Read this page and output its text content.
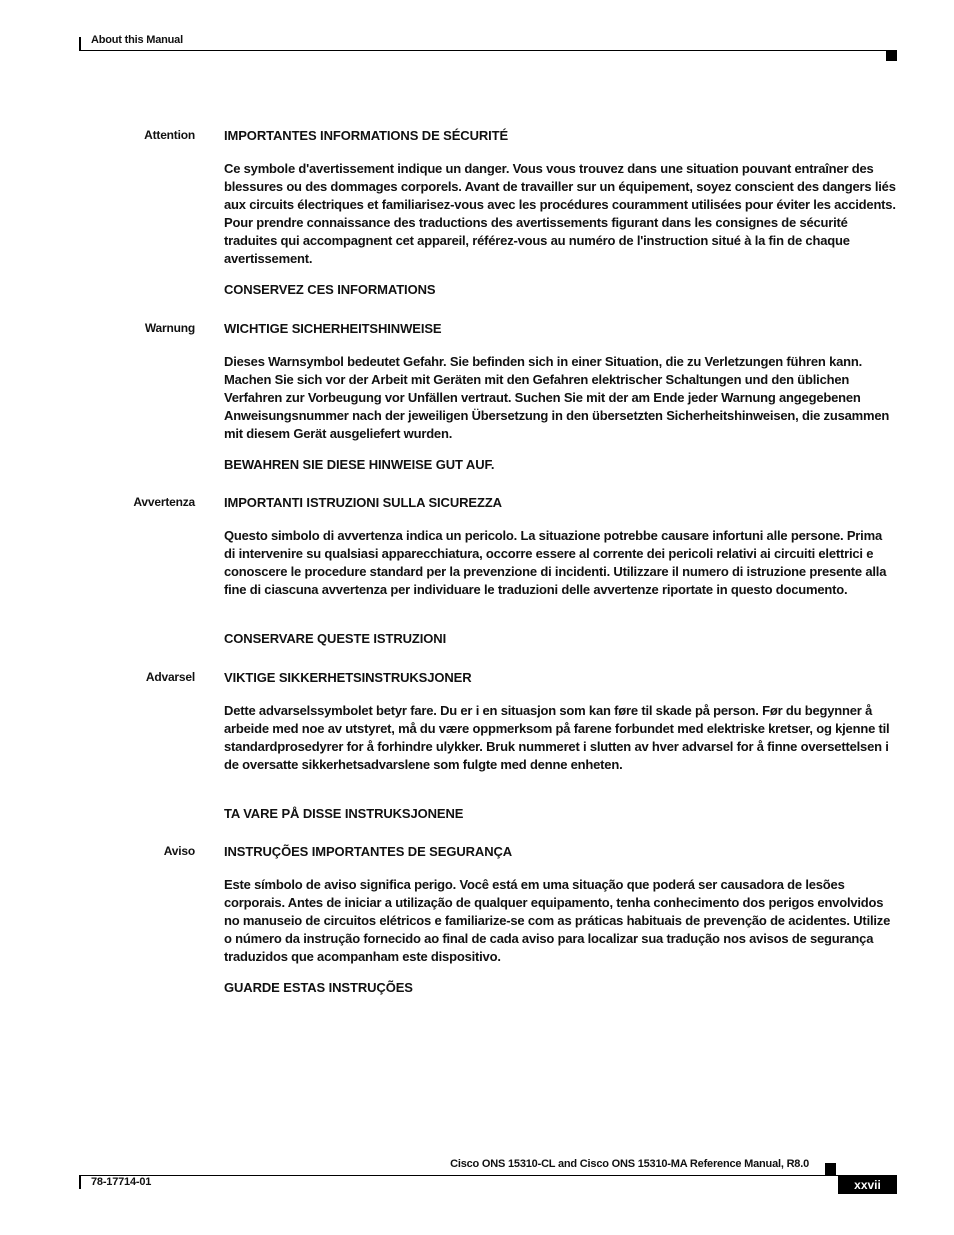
About this Manual
Attention IMPORTANTES INFORMATIONS DE SÉCURITÉ
Ce symbole d'avertissement indique un danger. Vous vous trouvez dans une situation pouvant entraîner des blessures ou des dommages corporels. Avant de travailler sur un équipement, soyez conscient des dangers liés aux circuits électriques et familiarisez-vous avec les procédures couramment utilisées pour éviter les accidents. Pour prendre connaissance des traductions des avertissements figurant dans les consignes de sécurité traduites qui accompagnent cet appareil, référez-vous au numéro de l'instruction situé à la fin de chaque avertissement.
CONSERVEZ CES INFORMATIONS
Warnung WICHTIGE SICHERHEITSHINWEISE
Dieses Warnsymbol bedeutet Gefahr. Sie befinden sich in einer Situation, die zu Verletzungen führen kann. Machen Sie sich vor der Arbeit mit Geräten mit den Gefahren elektrischer Schaltungen und den üblichen Verfahren zur Vorbeugung vor Unfällen vertraut. Suchen Sie mit der am Ende jeder Warnung angegebenen Anweisungsnummer nach der jeweiligen Übersetzung in den übersetzten Sicherheitshinweisen, die zusammen mit diesem Gerät ausgeliefert wurden.
BEWAHREN SIE DIESE HINWEISE GUT AUF.
Avvertenza IMPORTANTI ISTRUZIONI SULLA SICUREZZA
Questo simbolo di avvertenza indica un pericolo. La situazione potrebbe causare infortuni alle persone. Prima di intervenire su qualsiasi apparecchiatura, occorre essere al corrente dei pericoli relativi ai circuiti elettrici e conoscere le procedure standard per la prevenzione di incidenti. Utilizzare il numero di istruzione presente alla fine di ciascuna avvertenza per individuare le traduzioni delle avvertenze riportate in questo documento.
CONSERVARE QUESTE ISTRUZIONI
Advarsel VIKTIGE SIKKERHETSINSTRUKSJONER
Dette advarselssymbolet betyr fare. Du er i en situasjon som kan føre til skade på person. Før du begynner å arbeide med noe av utstyret, må du være oppmerksom på farene forbundet med elektriske kretser, og kjenne til standardprosedyrer for å forhindre ulykker. Bruk nummeret i slutten av hver advarsel for å finne oversettelsen i de oversatte sikkerhetsadvarslene som fulgte med denne enheten.
TA VARE PÅ DISSE INSTRUKSJONENE
Aviso INSTRUÇÕES IMPORTANTES DE SEGURANÇA
Este símbolo de aviso significa perigo. Você está em uma situação que poderá ser causadora de lesões corporais. Antes de iniciar a utilização de qualquer equipamento, tenha conhecimento dos perigos envolvidos no manuseio de circuitos elétricos e familiarize-se com as práticas habituais de prevenção de acidentes. Utilize o número da instrução fornecido ao final de cada aviso para localizar sua tradução nos avisos de segurança traduzidos que acompanham este dispositivo.
GUARDE ESTAS INSTRUÇÕES
Cisco ONS 15310-CL and Cisco ONS 15310-MA Reference Manual, R8.0
78-17714-01	xxvii
